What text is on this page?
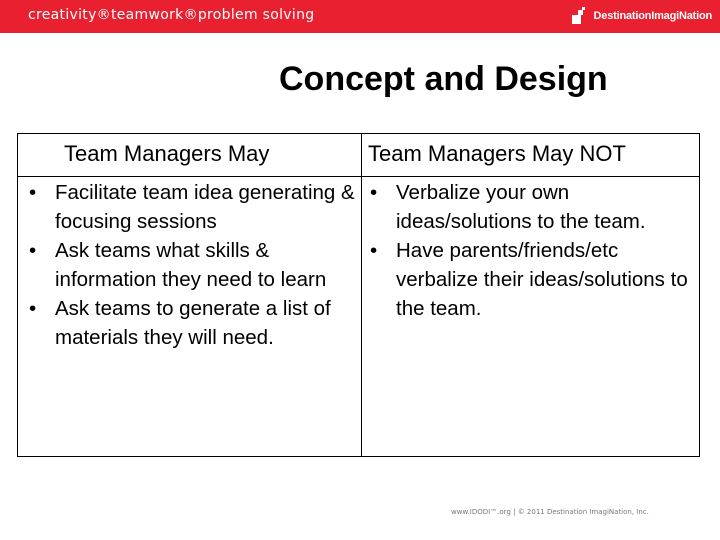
creativity®teamwork®problem solving	DestinationImagiNation
Concept and Design
Team Managers May	Team Managers May NOT
• Facilitate team idea generating & focusing sessions
• Ask teams what skills & information they need to learn
• Ask teams to generate a list of materials they will need.
• Verbalize your own ideas/solutions to the team.
• Have parents/friends/etc verbalize their ideas/solutions to the team.
www.IDODI™.org | © 2011 Destination ImagiNation, Inc.
